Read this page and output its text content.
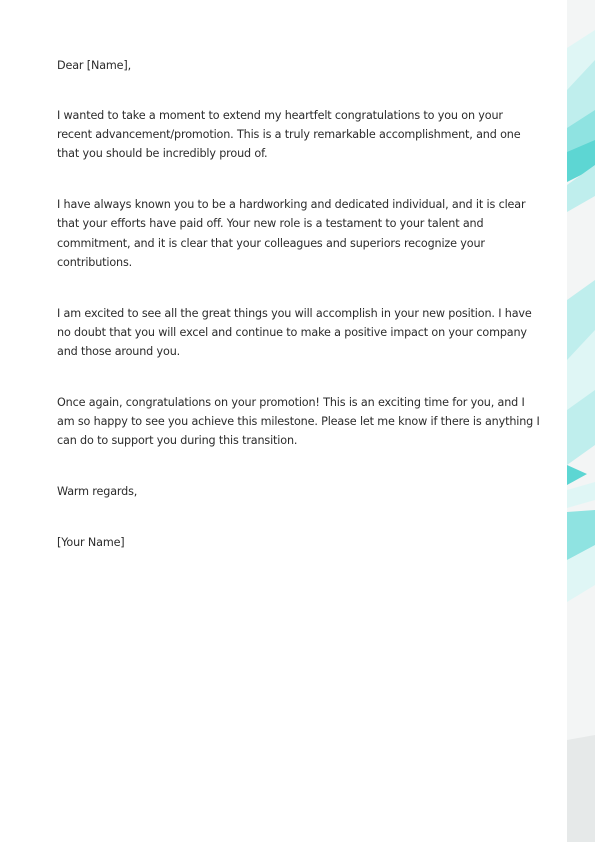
Dear [Name],

I wanted to take a moment to extend my heartfelt congratulations to you on your recent advancement/promotion. This is a truly remarkable accomplishment, and one that you should be incredibly proud of.

I have always known you to be a hardworking and dedicated individual, and it is clear that your efforts have paid off. Your new role is a testament to your talent and commitment, and it is clear that your colleagues and superiors recognize your contributions.

I am excited to see all the great things you will accomplish in your new position. I have no doubt that you will excel and continue to make a positive impact on your company and those around you.

Once again, congratulations on your promotion! This is an exciting time for you, and I am so happy to see you achieve this milestone. Please let me know if there is anything I can do to support you during this transition.

Warm regards,

[Your Name]
